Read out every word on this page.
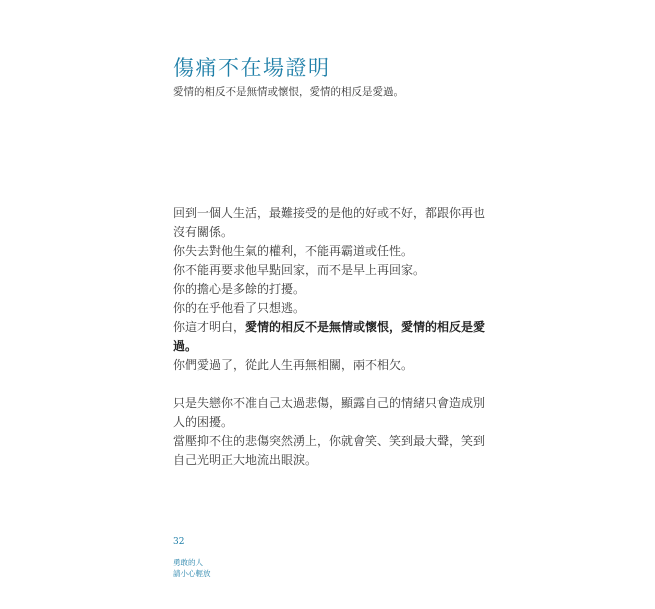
傷痛不在場證明
愛情的相反不是無情或懷恨，愛情的相反是愛過。

回到一個人生活，最難接受的是他的好或不好，都跟你再也沒有關係。

你失去對他生氣的權利，不能再霸道或任性。

你不能再要求他早點回家，而不是早上再回家。

你的擔心是多餘的打擾。

你的在乎他看了只想逃。

你這才明白，愛情的相反不是無情或懷恨，愛情的相反是愛過。

你們愛過了，從此人生再無相關，兩不相欠。

只是失戀你不准自己太過悲傷，顯露自己的情緒只會造成別人的困擾。

當壓抑不住的悲傷突然湧上，你就會笑、笑到最大聲，笑到自己光明正大地流出眼淚。

32
勇敢的人
請小心輕放
